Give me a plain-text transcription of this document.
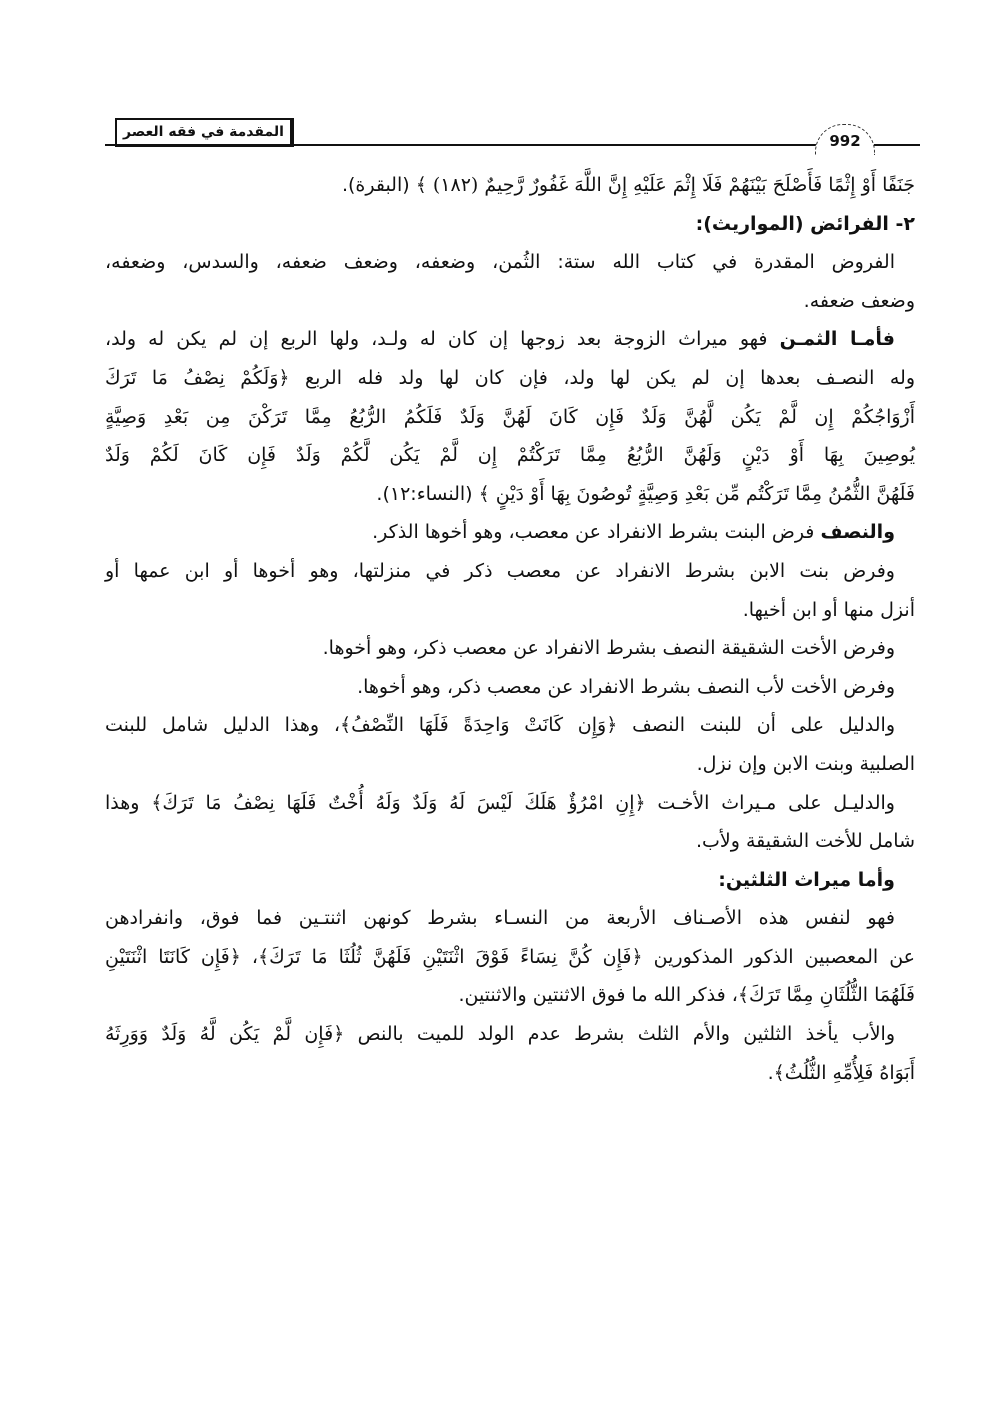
المقدمة في فقه العصر	992
جَنَفًا أَوْ إِثْمًا فَأَصْلَحَ بَيْنَهُمْ فَلَا إِثْمَ عَلَيْهِ إِنَّ اللَّهَ غَفُورٌ رَّحِيمٌ (١٨٢) ﴾ (البقرة).
٢- الفرائض (المواريث):
الفروض المقدرة في كتاب الله ستة: الثُمن، وضعفه، وضعف ضعفه، والسدس، وضعفه،
وضعف ضعفه.
فأمـا الثمـن فهو ميراث الزوجة بعد زوجها إن كان له ولـد، ولها الربع إن لم يكن له ولد،
وله النصـف بعدها إن لم يكن لها ولد، فإن كان لها ولد فله الربع ﴿وَلَكُمْ نِصْفُ مَا تَرَكَ
أَزْوَاجُكُمْ إِن لَّمْ يَكُن لَّهُنَّ وَلَدٌ فَإِن كَانَ لَهُنَّ وَلَدٌ فَلَكُمُ الرُّبُعُ مِمَّا تَرَكْنَ مِن بَعْدِ وَصِيَّةٍ
يُوصِينَ بِهَا أَوْ دَيْنٍ وَلَهُنَّ الرُّبُعُ مِمَّا تَرَكْتُمْ إِن لَّمْ يَكُن لَّكُمْ وَلَدٌ فَإِن كَانَ لَكُمْ وَلَدٌ
فَلَهُنَّ الثُّمُنُ مِمَّا تَرَكْتُم مِّن بَعْدِ وَصِيَّةٍ تُوصُونَ بِهَا أَوْ دَيْنٍ ﴾ (النساء:١٢).
والنصف فرض البنت بشرط الانفراد عن معصب، وهو أخوها الذكر.
وفرض بنت الابن بشرط الانفراد عن معصب ذكر في منزلتها، وهو أخوها أو ابن عمها أو
أنزل منها أو ابن أخيها.
وفرض الأخت الشقيقة النصف بشرط الانفراد عن معصب ذكر، وهو أخوها.
وفرض الأخت لأب النصف بشرط الانفراد عن معصب ذكر، وهو أخوها.
والدليل على أن للبنت النصف ﴿وَإِن كَانَتْ وَاحِدَةً فَلَهَا النِّصْفُ﴾، وهذا الدليل شامل للبنت
الصلبية وبنت الابن وإن نزل.
والدليـل على مـيراث الأخـت ﴿إِنِ امْرُؤٌ هَلَكَ لَيْسَ لَهُ وَلَدٌ وَلَهُ أُخْتٌ فَلَهَا نِصْفُ مَا تَرَكَ﴾ وهذا
شامل للأخت الشقيقة ولأب.
وأما ميراث الثلثين:
فهو لنفس هذه الأصـناف الأربعة من النسـاء بشرط كونهن اثنتـين فما فوق، وانفرادهن
عن المعصبين الذكور المذكورين ﴿فَإِن كُنَّ نِسَاءً فَوْقَ اثْنَتَيْنِ فَلَهُنَّ ثُلُثَا مَا تَرَكَ﴾، ﴿فَإِن كَانَتَا اثْنَتَيْنِ
فَلَهُمَا الثُّلُثَانِ مِمَّا تَرَكَ﴾، فذكر الله ما فوق الاثنتين والاثنتين.
والأب يأخذ الثلثين والأم الثلث بشرط عدم الولد للميت بالنص ﴿فَإِن لَّمْ يَكُن لَّهُ وَلَدٌ وَوَرِثَهُ
أَبَوَاهُ فَلِأُمِّهِ الثُّلُثُ﴾.
